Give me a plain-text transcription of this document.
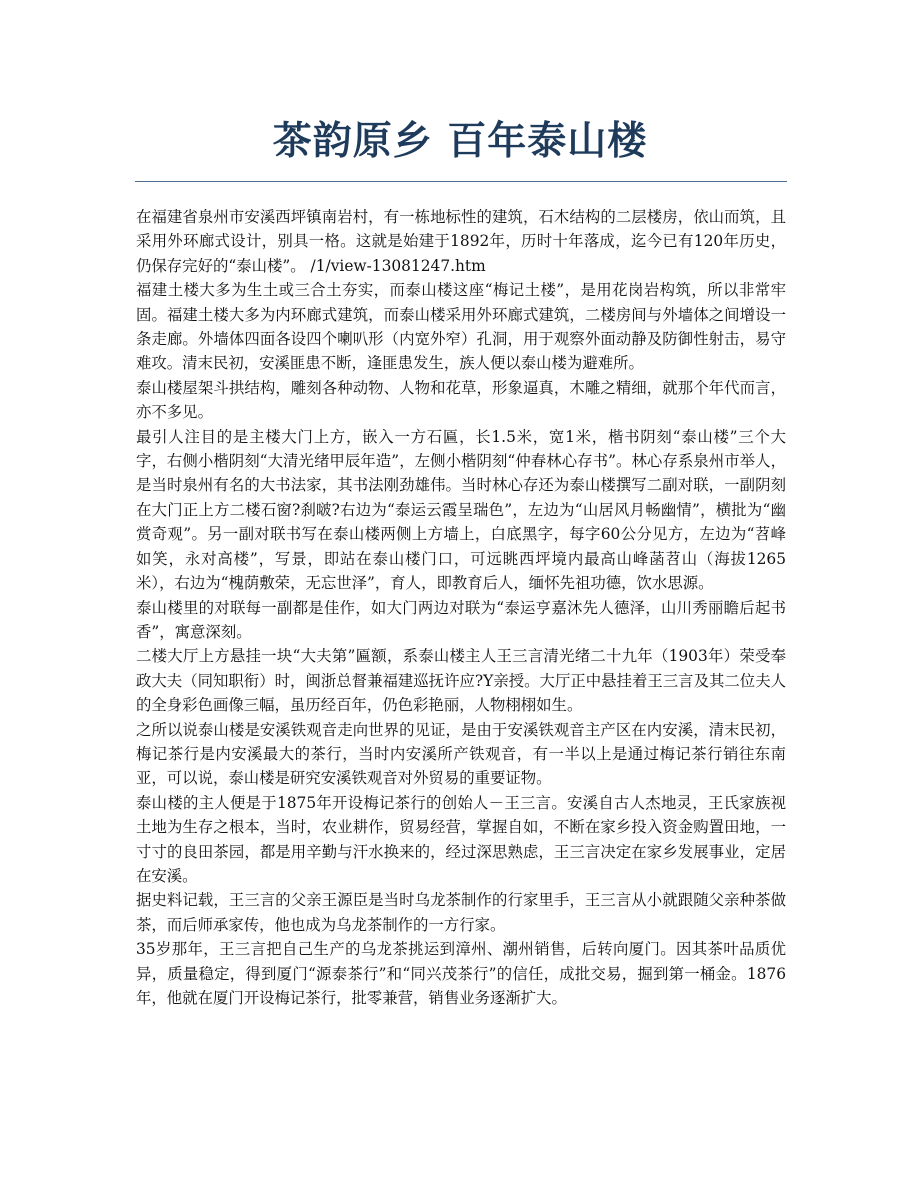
茶韵原乡 百年泰山楼

在福建省泉州市安溪西坪镇南岩村，有一栋地标性的建筑，石木结构的二层楼房，依山而筑，且采用外环廊式设计，别具一格。这就是始建于1892年，历时十年落成，迄今已有120年历史，仍保存完好的“泰山楼”。 /1/view-13081247.htm

福建土楼大多为生土或三合土夯实，而泰山楼这座“梅记土楼”，是用花岗岩构筑，所以非常牢固。福建土楼大多为内环廊式建筑，而泰山楼采用外环廊式建筑，二楼房间与外墙体之间增设一条走廊。外墙体四面各设四个喇叭形（内宽外窄）孔洞，用于观察外面动静及防御性射击，易守难攻。清末民初，安溪匪患不断，逢匪患发生，族人便以泰山楼为避难所。

泰山楼屋架斗拱结构，雕刻各种动物、人物和花草，形象逼真，木雕之精细，就那个年代而言，亦不多见。

最引人注目的是主楼大门上方，嵌入一方石匾，长1.5米，宽1米，楷书阴刻“泰山楼”三个大字，右侧小楷阴刻“大清光绪甲辰年造”，左侧小楷阴刻“仲春林心存书”。林心存系泉州市举人，是当时泉州有名的大书法家，其书法刚劲雄伟。当时林心存还为泰山楼撰写二副对联，一副阴刻在大门正上方二楼石窗?刹啵?右边为“泰运云霞呈瑞色”，左边为“山居风月畅幽情”，横批为“幽赏奇观”。另一副对联书写在泰山楼两侧上方墙上，白底黑字，每字60公分见方，左边为“苕峰如笑，永对高楼”，写景，即站在泰山楼门口，可远眺西坪境内最高山峰菡苕山（海拔1265米），右边为“槐荫敷荣，无忘世泽”，育人，即教育后人，缅怀先祖功德，饮水思源。

泰山楼里的对联每一副都是佳作，如大门两边对联为“泰运亨嘉沐先人德泽，山川秀丽瞻后起书香”，寓意深刻。

二楼大厅上方悬挂一块“大夫第”匾额，系泰山楼主人王三言清光绪二十九年（1903年）荣受奉政大夫（同知职衔）时，闽浙总督兼福建巡抚许应?Y亲授。大厅正中悬挂着王三言及其二位夫人的全身彩色画像三幅，虽历经百年，仍色彩艳丽，人物栩栩如生。

之所以说泰山楼是安溪铁观音走向世界的见证，是由于安溪铁观音主产区在内安溪，清末民初，梅记茶行是内安溪最大的茶行，当时内安溪所产铁观音，有一半以上是通过梅记茶行销往东南亚，可以说，泰山楼是研究安溪铁观音对外贸易的重要证物。

泰山楼的主人便是于1875年开设梅记茶行的创始人－王三言。安溪自古人杰地灵，王氏家族视土地为生存之根本，当时，农业耕作，贸易经营，掌握自如，不断在家乡投入资金购置田地，一寸寸的良田茶园，都是用辛勤与汗水换来的，经过深思熟虑，王三言决定在家乡发展事业，定居在安溪。

据史料记载，王三言的父亲王源臣是当时乌龙茶制作的行家里手，王三言从小就跟随父亲种茶做茶，而后师承家传，他也成为乌龙茶制作的一方行家。

35岁那年，王三言把自己生产的乌龙茶挑运到漳州、潮州销售，后转向厦门。因其茶叶品质优异，质量稳定，得到厦门“源泰茶行”和“同兴茂茶行”的信任，成批交易，掘到第一桶金。1876年，他就在厦门开设梅记茶行，批零兼营，销售业务逐渐扩大。
